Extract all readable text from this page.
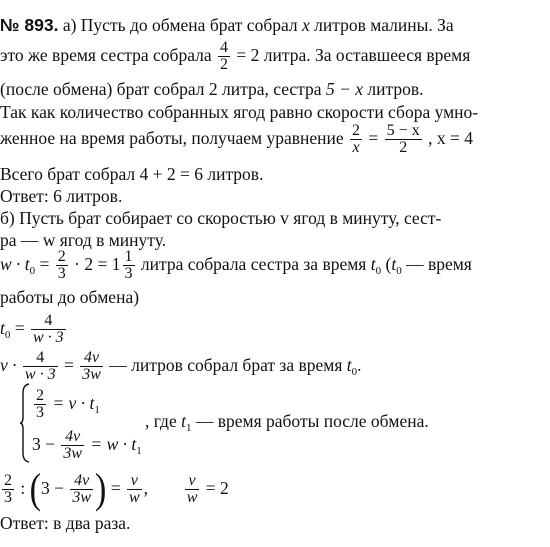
№ 893. а) Пусть до обмена брат собрал x литров малины. За
это же время сестра собрала $\frac{4}{2} = 2$ литра. За оставшееся время
(после обмена) брат собрал 2 литра, сестра 5 − x литров.
Так как количество собранных ягод равно скорости сбора умно-
женное на время работы, получаем уравнение $\frac{2}{x} = \frac{5 - x}{2}$ , x = 4
Всего брат собрал 4 + 2 = 6 литров.
Ответ: 6 литров.
б) Пусть брат собирает со скоростью v ягод в минуту, сест-
ра — w ягод в минуту.
$w \cdot t_0 = \frac{2}{3} \cdot 2 = 1 \frac{1}{3}$ литра собрала сестра за время $t_0$ ($t_0$ — время
работы до обмена)
$t_0 = \frac{4}{w \cdot 3}$
$v \cdot \frac{4}{w \cdot 3} = \frac{4v}{3w}$ — литров собрал брат за время $t_0$.
$\frac{2}{3} = v \cdot t_1$
, где $t_1$ — время работы после обмена.
$3 - \frac{4v}{3w} = w \cdot t_1$
$\frac{2}{3}$ : ($3 - \frac{4v}{3w}$ ) = $\frac{v}{w}$ , $\frac{v}{w} = 2$
Ответ: в два раза.
